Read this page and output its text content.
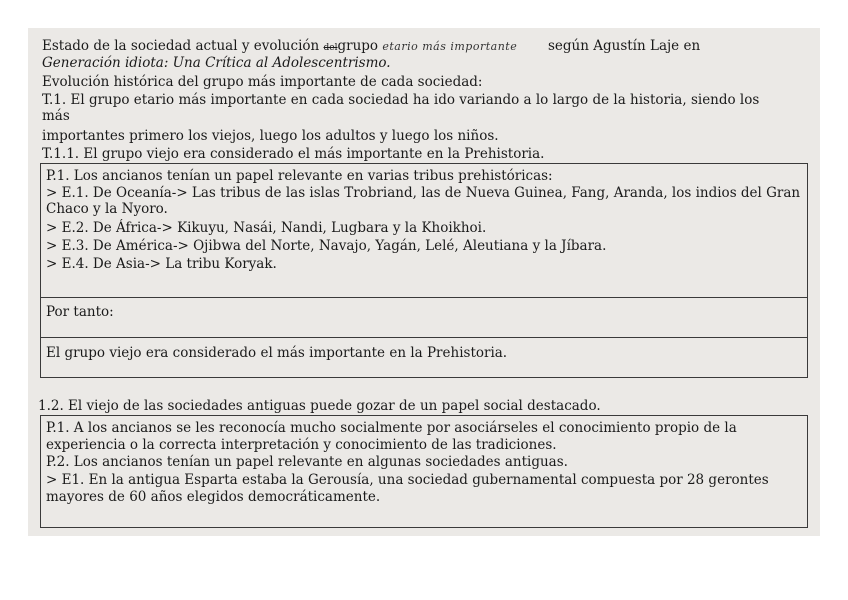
Estado de la sociedad actual y evolución delgrupo etario más importante según Agustín Laje en
Generación idiota: Una Crítica al Adolescentrismo.
Evolución histórica del grupo más importante de cada sociedad:
T.1. El grupo etario más importante en cada sociedad ha ido variando a lo largo de la historia, siendo los
más
importantes primero los viejos, luego los adultos y luego los niños.
T.1.1. El grupo viejo era considerado el más importante en la Prehistoria.
P.1. Los ancianos tenían un papel relevante en varias tribus prehistóricas:
> E.1. De Oceanía-> Las tribus de las islas Trobriand, las de Nueva Guinea, Fang, Aranda, los indios del Gran
Chaco y la Nyoro.
> E.2. De África-> Kikuyu, Nasái, Nandi, Lugbara y la Khoikhoi.
> E.3. De América-> Ojibwa del Norte, Navajo, Yagán, Lelé, Aleutiana y la Jíbara.
> E.4. De Asia-> La tribu Koryak.
Por tanto:
El grupo viejo era considerado el más importante en la Prehistoria.
1.2. El viejo de las sociedades antiguas puede gozar de un papel social destacado.
P.1. A los ancianos se les reconocía mucho socialmente por asociárseles el conocimiento propio de la
experiencia o la correcta interpretación y conocimiento de las tradiciones.
P.2. Los ancianos tenían un papel relevante en algunas sociedades antiguas.
> E1. En la antigua Esparta estaba la Gerousía, una sociedad gubernamental compuesta por 28 gerontes
mayores de 60 años elegidos democráticamente.
